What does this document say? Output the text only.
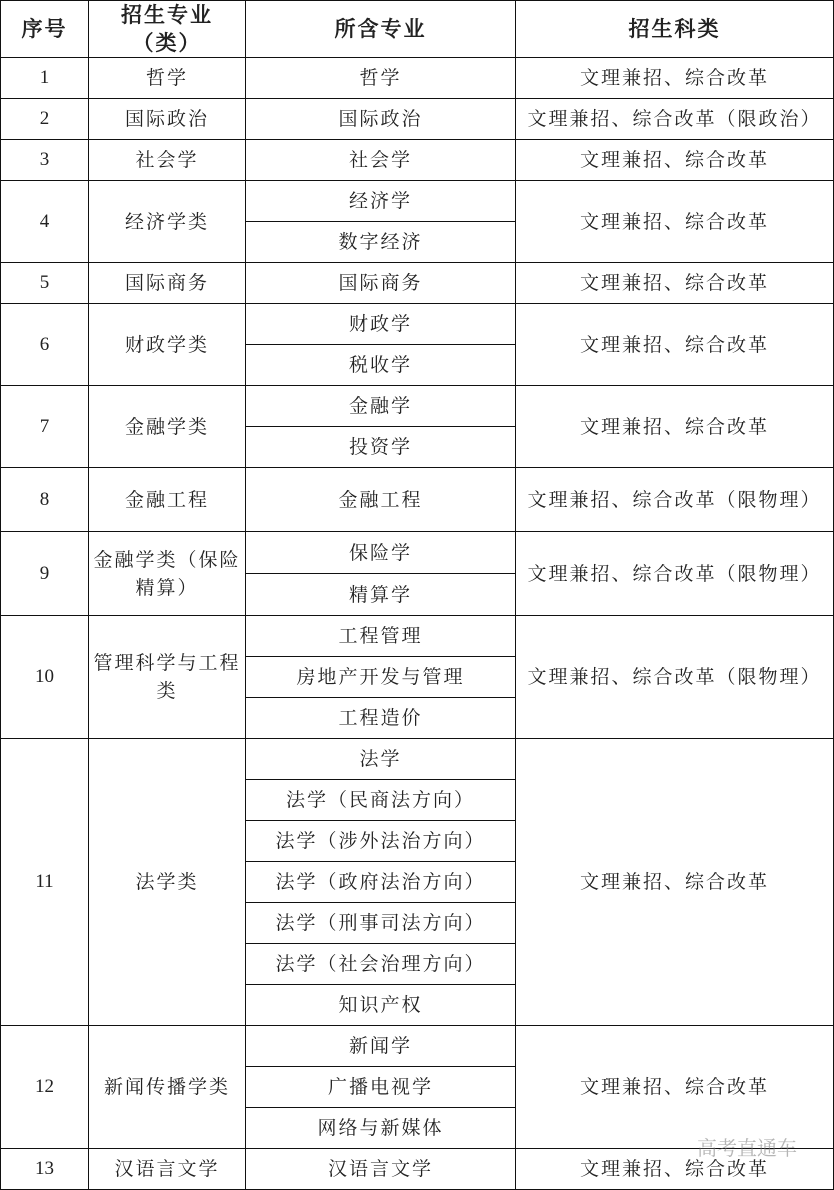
序号	招生专业（类）	所含专业	招生科类
1	哲学	哲学	文理兼招、综合改革
2	国际政治	国际政治	文理兼招、综合改革（限政治）
3	社会学	社会学	文理兼招、综合改革
4	经济学类	经济学	文理兼招、综合改革
		数字经济	
5	国际商务	国际商务	文理兼招、综合改革
6	财政学类	财政学	文理兼招、综合改革
		税收学	
7	金融学类	金融学	文理兼招、综合改革
		投资学	
8	金融工程	金融工程	文理兼招、综合改革（限物理）
9	金融学类（保险精算）	保险学	文理兼招、综合改革（限物理）
		精算学	
10	管理科学与工程类	工程管理	文理兼招、综合改革（限物理）
		房地产开发与管理	
		工程造价	
11	法学类	法学	文理兼招、综合改革
		法学（民商法方向）	
		法学（涉外法治方向）	
		法学（政府法治方向）	
		法学（刑事司法方向）	
		法学（社会治理方向）	
		知识产权	
12	新闻传播学类	新闻学	文理兼招、综合改革
		广播电视学	
		网络与新媒体	
13	汉语言文学	汉语言文学	文理兼招、综合改革
高考直通车
